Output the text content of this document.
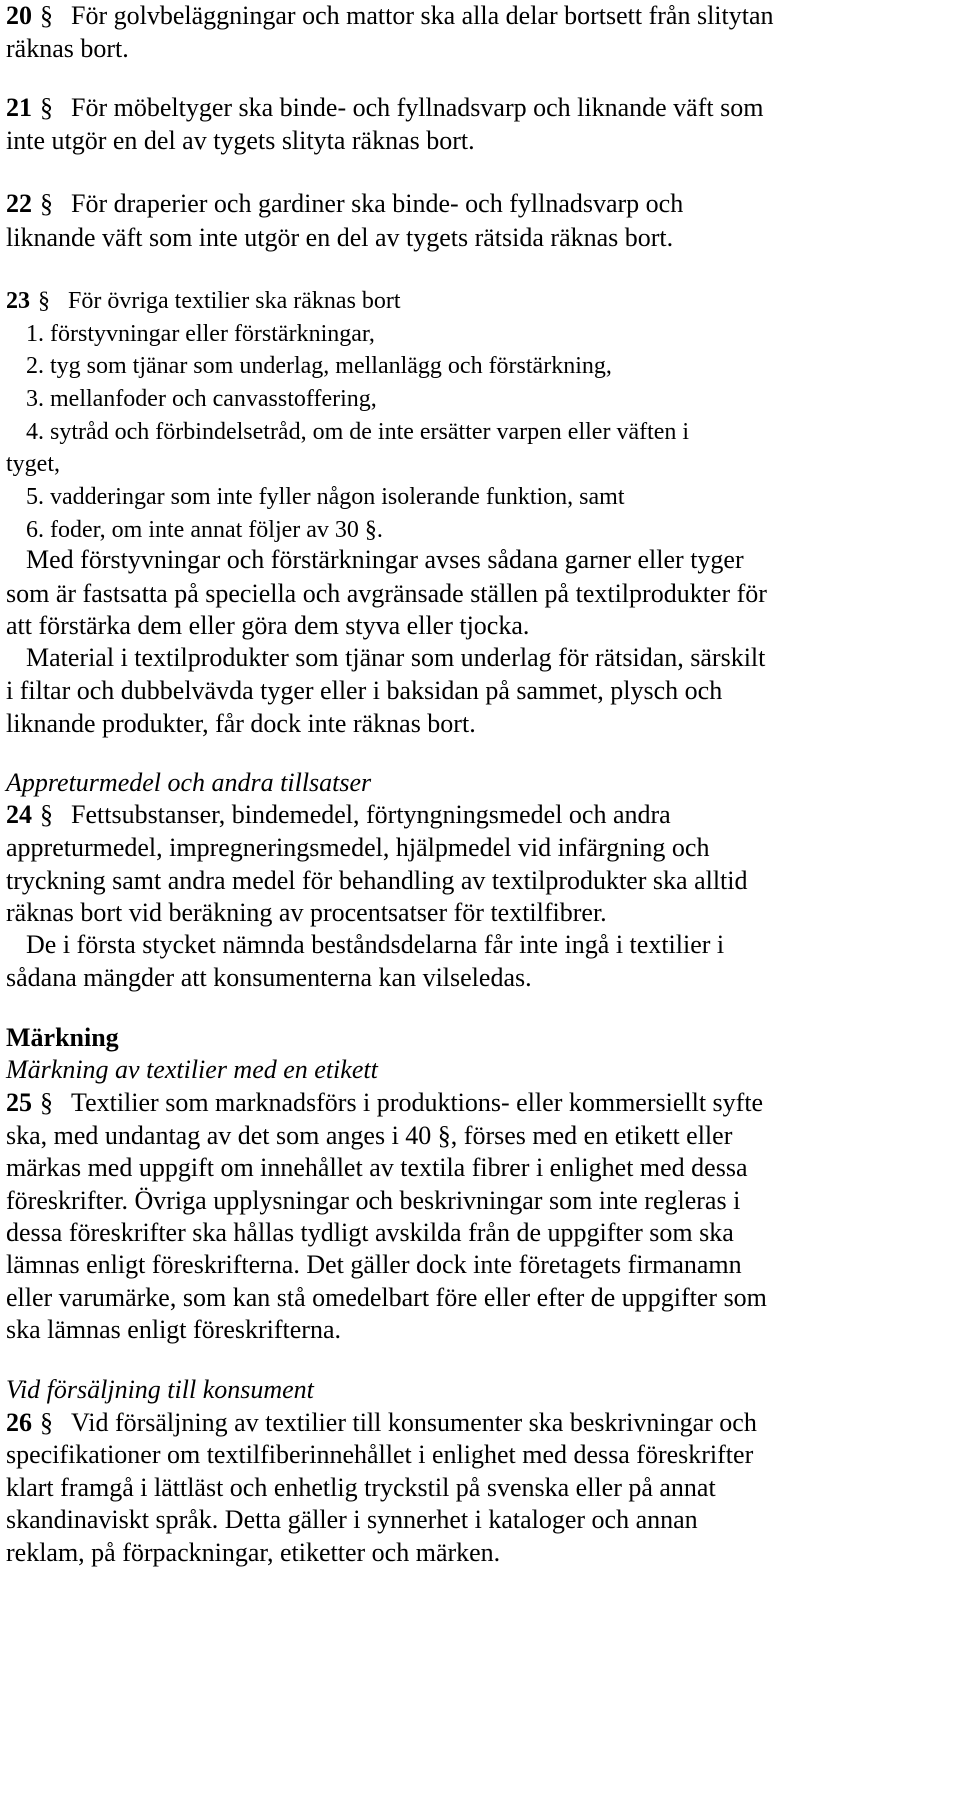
20 § För golvbeläggningar och mattor ska alla delar bortsett från slitytan

räknas bort.

21 § För möbeltyger ska binde- och fyllnadsvarp och liknande väft som

inte utgör en del av tygets slityta räknas bort.

22 § För draperier och gardiner ska binde- och fyllnadsvarp och

liknande väft som inte utgör en del av tygets rätsida räknas bort.

23 § För övriga textilier ska räknas bort

1. förstyvningar eller förstärkningar,

2. tyg som tjänar som underlag, mellanlägg och förstärkning,

3. mellanfoder och canvasstoffering,

4. sytråd och förbindelsetråd, om de inte ersätter varpen eller väften i

tyget,

5. vadderingar som inte fyller någon isolerande funktion, samt

6. foder, om inte annat följer av 30 §.

Med förstyvningar och förstärkningar avses sådana garner eller tyger

som är fastsatta på speciella och avgränsade ställen på textilprodukter för

att förstärka dem eller göra dem styva eller tjocka.

Material i textilprodukter som tjänar som underlag för rätsidan, särskilt

i filtar och dubbelvävda tyger eller i baksidan på sammet, plysch och

liknande produkter, får dock inte räknas bort.

Appreturmedel och andra tillsatser

24 § Fettsubstanser, bindemedel, förtyngningsmedel och andra

appreturmedel, impregneringsmedel, hjälpmedel vid infärgning och

tryckning samt andra medel för behandling av textilprodukter ska alltid

räknas bort vid beräkning av procentsatser för textilfibrer.

De i första stycket nämnda beståndsdelarna får inte ingå i textilier i

sådana mängder att konsumenterna kan vilseledas.

Märkning

Märkning av textilier med en etikett

25 § Textilier som marknadsförs i produktions- eller kommersiellt syfte

ska, med undantag av det som anges i 40 §, förses med en etikett eller

märkas med uppgift om innehållet av textila fibrer i enlighet med dessa

föreskrifter. Övriga upplysningar och beskrivningar som inte regleras i

dessa föreskrifter ska hållas tydligt avskilda från de uppgifter som ska

lämnas enligt föreskrifterna. Det gäller dock inte företagets firmanamn

eller varumärke, som kan stå omedelbart före eller efter de uppgifter som

ska lämnas enligt föreskrifterna.

Vid försäljning till konsument

26 § Vid försäljning av textilier till konsumenter ska beskrivningar och

specifikationer om textilfiberinnehållet i enlighet med dessa föreskrifter

klart framgå i lättläst och enhetlig tryckstil på svenska eller på annat

skandinaviskt språk. Detta gäller i synnerhet i kataloger och annan

reklam, på förpackningar, etiketter och märken.
